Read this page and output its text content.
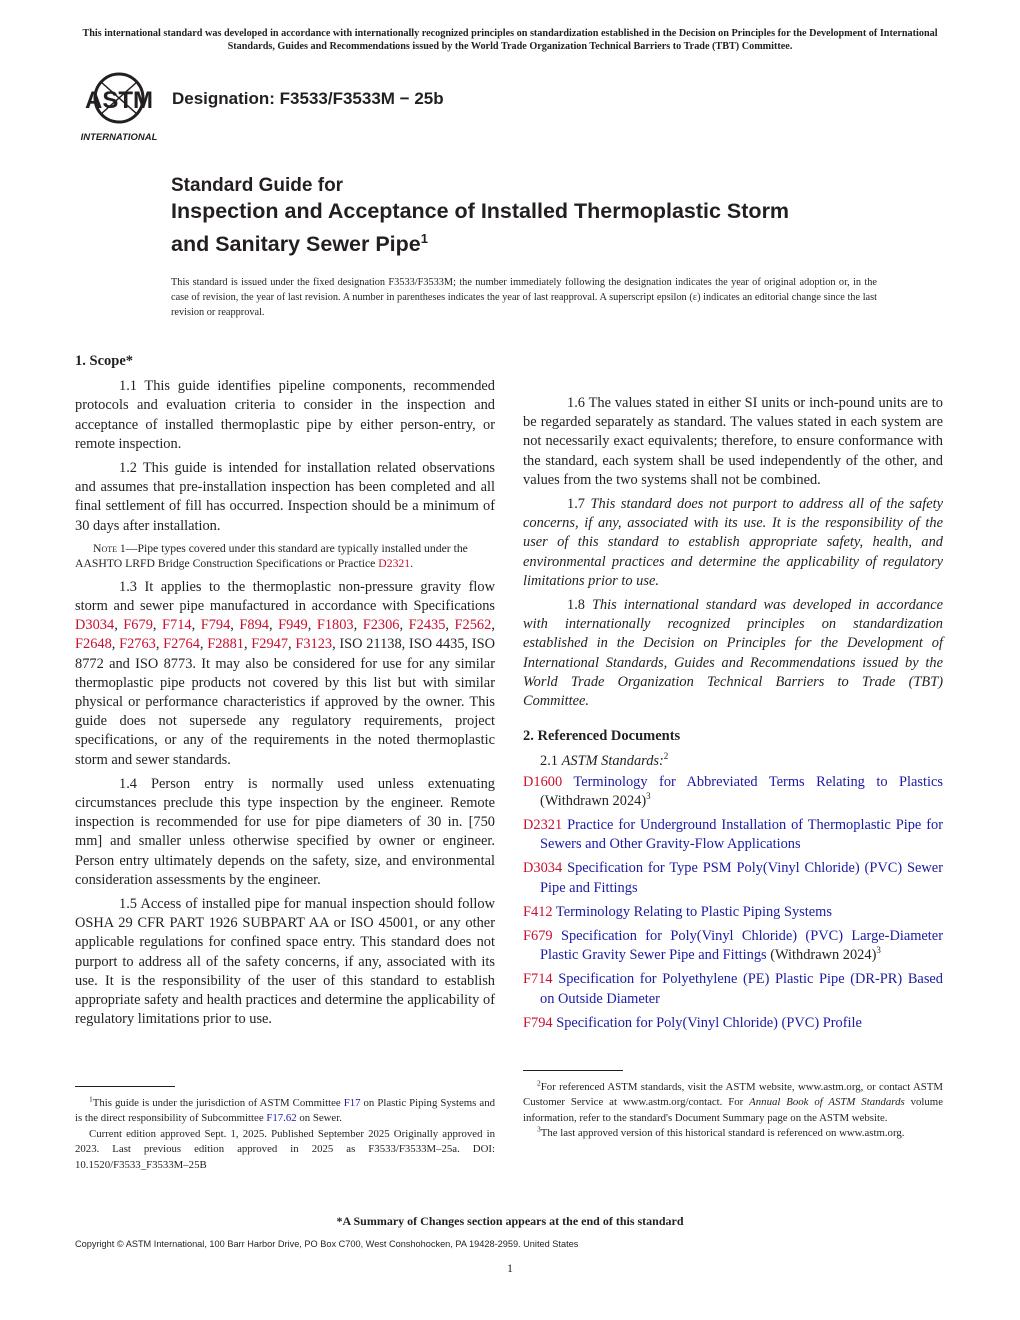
This international standard was developed in accordance with internationally recognized principles on standardization established in the Decision on Principles for the Development of International Standards, Guides and Recommendations issued by the World Trade Organization Technical Barriers to Trade (TBT) Committee.
ASTM
INTERNATIONAL
Designation: F3533/F3533M − 25b
Standard Guide for
Inspection and Acceptance of Installed Thermoplastic Storm
and Sanitary Sewer Pipe$^1$
This standard is issued under the fixed designation F3533/F3533M; the number immediately following the designation indicates the year of original adoption or, in the case of revision, the year of last revision. A number in parentheses indicates the year of last reapproval. A superscript epsilon (ε) indicates an editorial change since the last revision or reapproval.
1. Scope*

1.1 This guide identifies pipeline components, recommended protocols and evaluation criteria to consider in the inspection and acceptance of installed thermoplastic pipe by either person-entry, or remote inspection.

1.2 This guide is intended for installation related observations and assumes that pre-installation inspection has been completed and all final settlement of fill has occurred. Inspection should be a minimum of 30 days after installation.

Note 1—Pipe types covered under this standard are typically installed under the AASHTO LRFD Bridge Construction Specifications or Practice D2321.

1.3 It applies to the thermoplastic non-pressure gravity flow storm and sewer pipe manufactured in accordance with Specifications D3034, F679, F714, F794, F894, F949, F1803, F2306, F2435, F2562, F2648, F2763, F2764, F2881, F2947, F3123, ISO 21138, ISO 4435, ISO 8772 and ISO 8773. It may also be considered for use for any similar thermoplastic pipe products not covered by this list but with similar physical or performance characteristics if approved by the owner. This guide does not supersede any regulatory requirements, project specifications, or any of the requirements in the noted thermoplastic storm and sewer standards.

1.4 Person entry is normally used unless extenuating circumstances preclude this type inspection by the engineer. Remote inspection is recommended for use for pipe diameters of 30 in. [750 mm] and smaller unless otherwise specified by owner or engineer. Person entry ultimately depends on the safety, size, and environmental consideration assessments by the engineer.

1.5 Access of installed pipe for manual inspection should follow OSHA 29 CFR PART 1926 SUBPART AA or ISO 45001, or any other applicable regulations for confined space entry. This standard does not purport to address all of the safety concerns, if any, associated with its use. It is the responsibility of the user of this standard to establish appropriate safety and health practices and determine the applicability of regulatory limitations prior to use.

1.6 The values stated in either SI units or inch-pound units are to be regarded separately as standard. The values stated in each system are not necessarily exact equivalents; therefore, to ensure conformance with the standard, each system shall be used independently of the other, and values from the two systems shall not be combined.

1.7 This standard does not purport to address all of the safety concerns, if any, associated with its use. It is the responsibility of the user of this standard to establish appropriate safety, health, and environmental practices and determine the applicability of regulatory limitations prior to use.

1.8 This international standard was developed in accordance with internationally recognized principles on standardization established in the Decision on Principles for the Development of International Standards, Guides and Recommendations issued by the World Trade Organization Technical Barriers to Trade (TBT) Committee.

2. Referenced Documents

2.1 ASTM Standards:$^2$

D1600 Terminology for Abbreviated Terms Relating to Plastics (Withdrawn 2024)$^3$

D2321 Practice for Underground Installation of Thermoplastic Pipe for Sewers and Other Gravity-Flow Applications

D3034 Specification for Type PSM Poly(Vinyl Chloride) (PVC) Sewer Pipe and Fittings

F412 Terminology Relating to Plastic Piping Systems

F679 Specification for Poly(Vinyl Chloride) (PVC) Large-Diameter Plastic Gravity Sewer Pipe and Fittings (Withdrawn 2024)$^3$

F714 Specification for Polyethylene (PE) Plastic Pipe (DR-PR) Based on Outside Diameter

F794 Specification for Poly(Vinyl Chloride) (PVC) Profile

$^1$This guide is under the jurisdiction of ASTM Committee F17 on Plastic Piping Systems and is the direct responsibility of Subcommittee F17.62 on Sewer.

Current edition approved Sept. 1, 2025. Published September 2025 Originally approved in 2023. Last previous edition approved in 2025 as F3533/F3533M–25a. DOI: 10.1520/F3533_F3533M–25B

$^2$For referenced ASTM standards, visit the ASTM website, www.astm.org, or contact ASTM Customer Service at www.astm.org/contact. For Annual Book of ASTM Standards volume information, refer to the standard's Document Summary page on the ASTM website.

$^3$The last approved version of this historical standard is referenced on www.astm.org.

*A Summary of Changes section appears at the end of this standard
Copyright © ASTM International, 100 Barr Harbor Drive, PO Box C700, West Conshohocken, PA 19428-2959. United States
1
